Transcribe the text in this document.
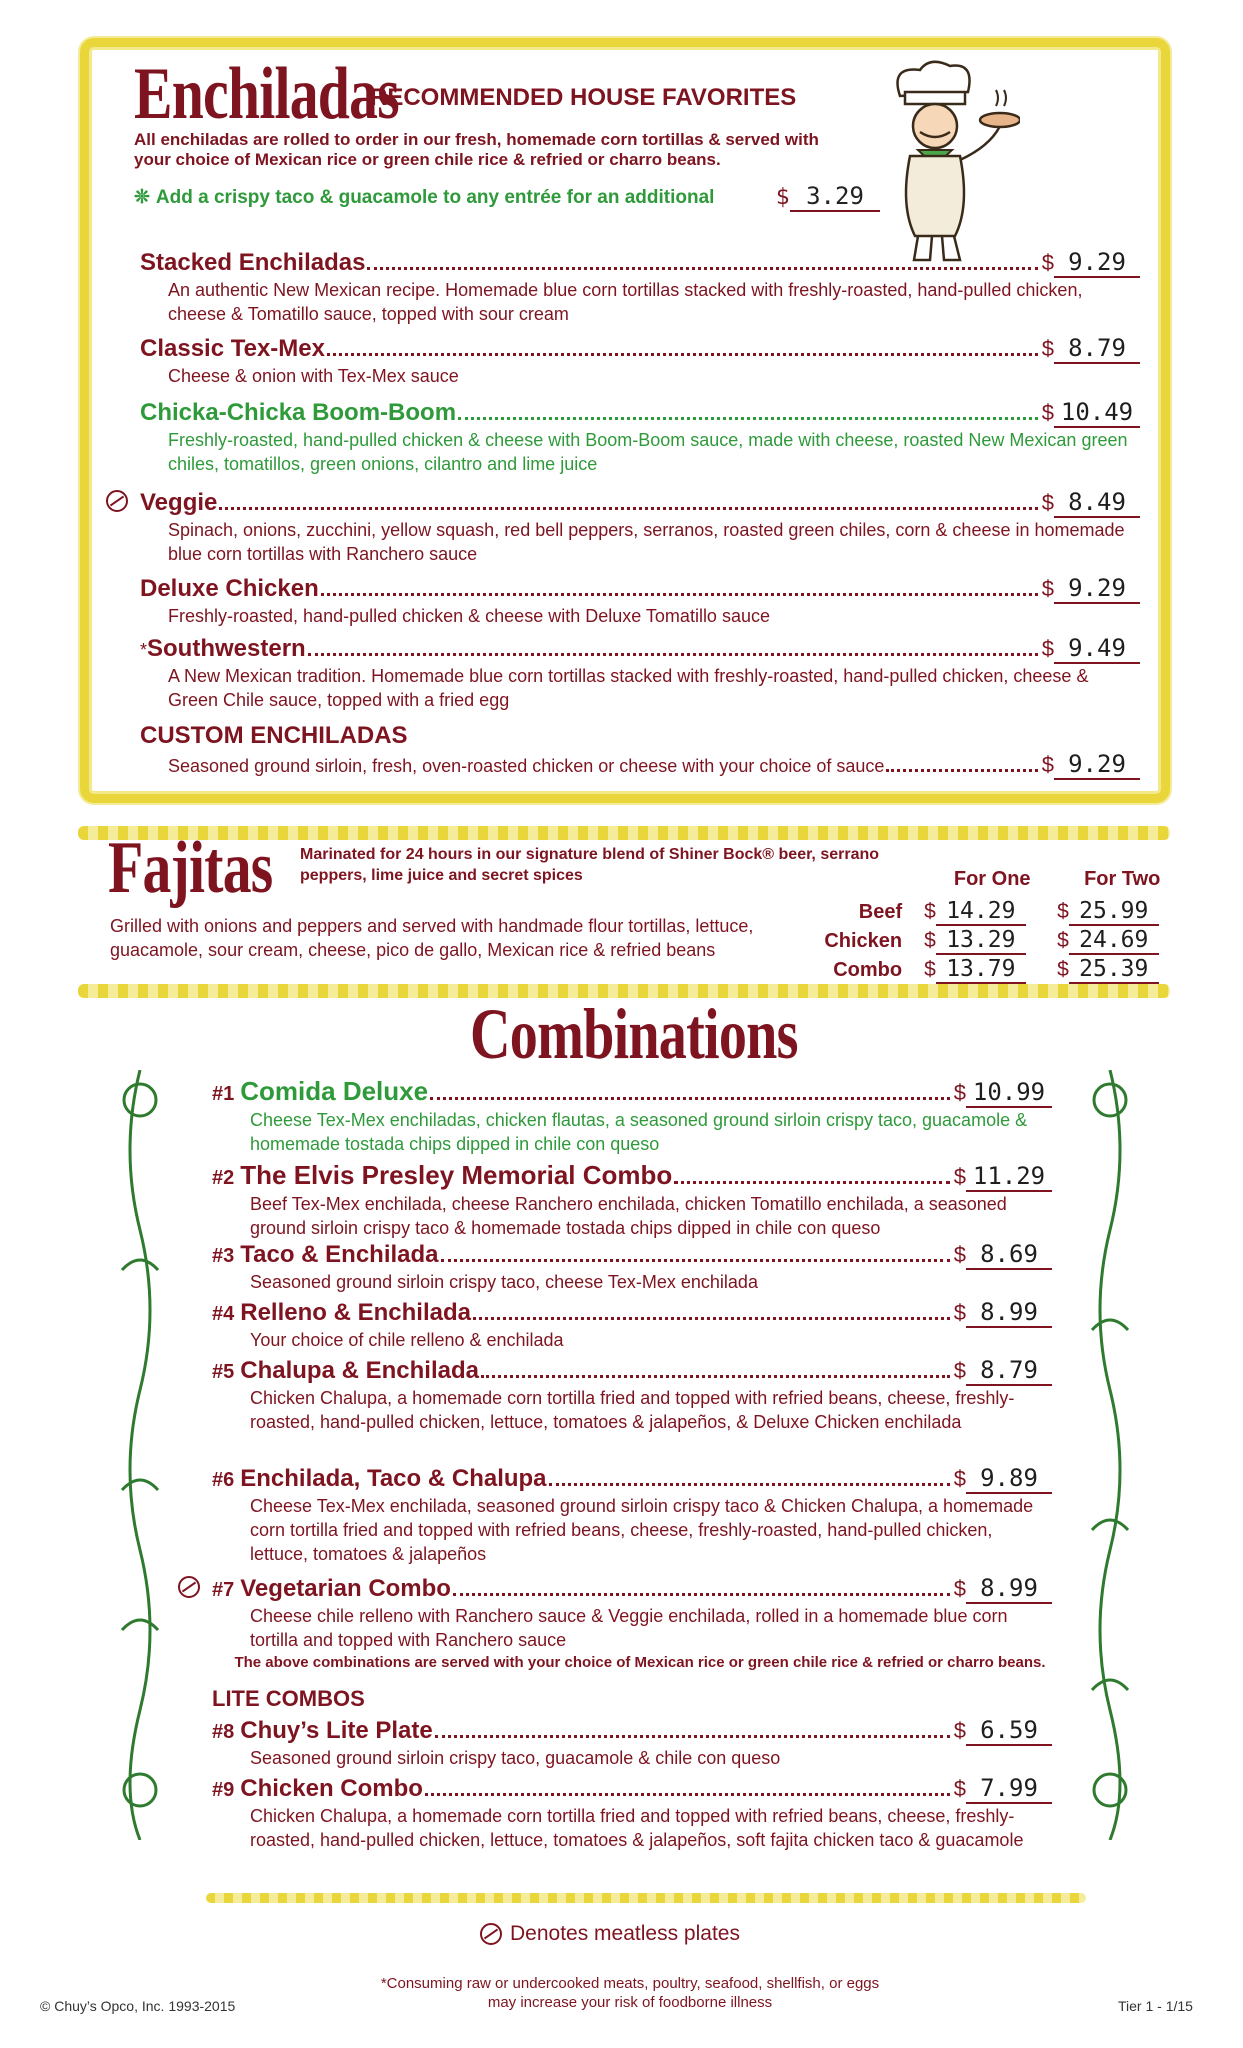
Enchiladas
RECOMMENDED HOUSE FAVORITES
All enchiladas are rolled to order in our fresh, homemade corn tortillas & served with your choice of Mexican rice or green chile rice & refried or charro beans.
❊ Add a crispy taco & guacamole to any entrée for an additional	$ 3.29
Stacked Enchiladas	$ 9.29
An authentic New Mexican recipe. Homemade blue corn tortillas stacked with freshly-roasted, hand-pulled chicken, cheese & Tomatillo sauce, topped with sour cream
Classic Tex-Mex	$ 8.79
Cheese & onion with Tex-Mex sauce
Chicka-Chicka Boom-Boom	$ 10.49
Freshly-roasted, hand-pulled chicken & cheese with Boom-Boom sauce, made with cheese, roasted New Mexican green chiles, tomatillos, green onions, cilantro and lime juice
Veggie	$ 8.49
Spinach, onions, zucchini, yellow squash, red bell peppers, serranos, roasted green chiles, corn & cheese in homemade blue corn tortillas with Ranchero sauce
Deluxe Chicken	$ 9.29
Freshly-roasted, hand-pulled chicken & cheese with Deluxe Tomatillo sauce
* Southwestern	$ 9.49
A New Mexican tradition. Homemade blue corn tortillas stacked with freshly-roasted, hand-pulled chicken, cheese & Green Chile sauce, topped with a fried egg
CUSTOM ENCHILADAS
Seasoned ground sirloin, fresh, oven-roasted chicken or cheese with your choice of sauce	$ 9.29
Fajitas Marinated for 24 hours in our signature blend of Shiner Bock® beer, serrano peppers, lime juice and secret spices
Grilled with onions and peppers and served with handmade flour tortillas, lettuce, guacamole, sour cream, cheese, pico de gallo, Mexican rice & refried beans
For One	For Two
Beef	$ 14.29	$ 25.99
Chicken	$ 13.29	$ 24.69
Combo	$ 13.79	$ 25.39
Combinations
#1 Comida Deluxe	$ 10.99
Cheese Tex-Mex enchiladas, chicken flautas, a seasoned ground sirloin crispy taco, guacamole & homemade tostada chips dipped in chile con queso
#2 The Elvis Presley Memorial Combo	$ 11.29
Beef Tex-Mex enchilada, cheese Ranchero enchilada, chicken Tomatillo enchilada, a seasoned ground sirloin crispy taco & homemade tostada chips dipped in chile con queso
#3 Taco & Enchilada	$ 8.69
Seasoned ground sirloin crispy taco, cheese Tex-Mex enchilada
#4 Relleno & Enchilada	$ 8.99
Your choice of chile relleno & enchilada
#5 Chalupa & Enchilada	$ 8.79
Chicken Chalupa, a homemade corn tortilla fried and topped with refried beans, cheese, freshly-roasted, hand-pulled chicken, lettuce, tomatoes & jalapeños, & Deluxe Chicken enchilada
#6 Enchilada, Taco & Chalupa	$ 9.89
Cheese Tex-Mex enchilada, seasoned ground sirloin crispy taco & Chicken Chalupa, a homemade corn tortilla fried and topped with refried beans, cheese, freshly-roasted, hand-pulled chicken, lettuce, tomatoes & jalapeños
#7 Vegetarian Combo	$ 8.99
Cheese chile relleno with Ranchero sauce & Veggie enchilada, rolled in a homemade blue corn tortilla and topped with Ranchero sauce
The above combinations are served with your choice of Mexican rice or green chile rice & refried or charro beans.
LITE COMBOS
#8 Chuy’s Lite Plate	$ 6.59
Seasoned ground sirloin crispy taco, guacamole & chile con queso
#9 Chicken Combo	$ 7.99
Chicken Chalupa, a homemade corn tortilla fried and topped with refried beans, cheese, freshly-roasted, hand-pulled chicken, lettuce, tomatoes & jalapeños, soft fajita chicken taco & guacamole
Denotes meatless plates
*Consuming raw or undercooked meats, poultry, seafood, shellfish, or eggs may increase your risk of foodborne illness
© Chuy’s Opco, Inc. 1993-2015	Tier 1 - 1/15
